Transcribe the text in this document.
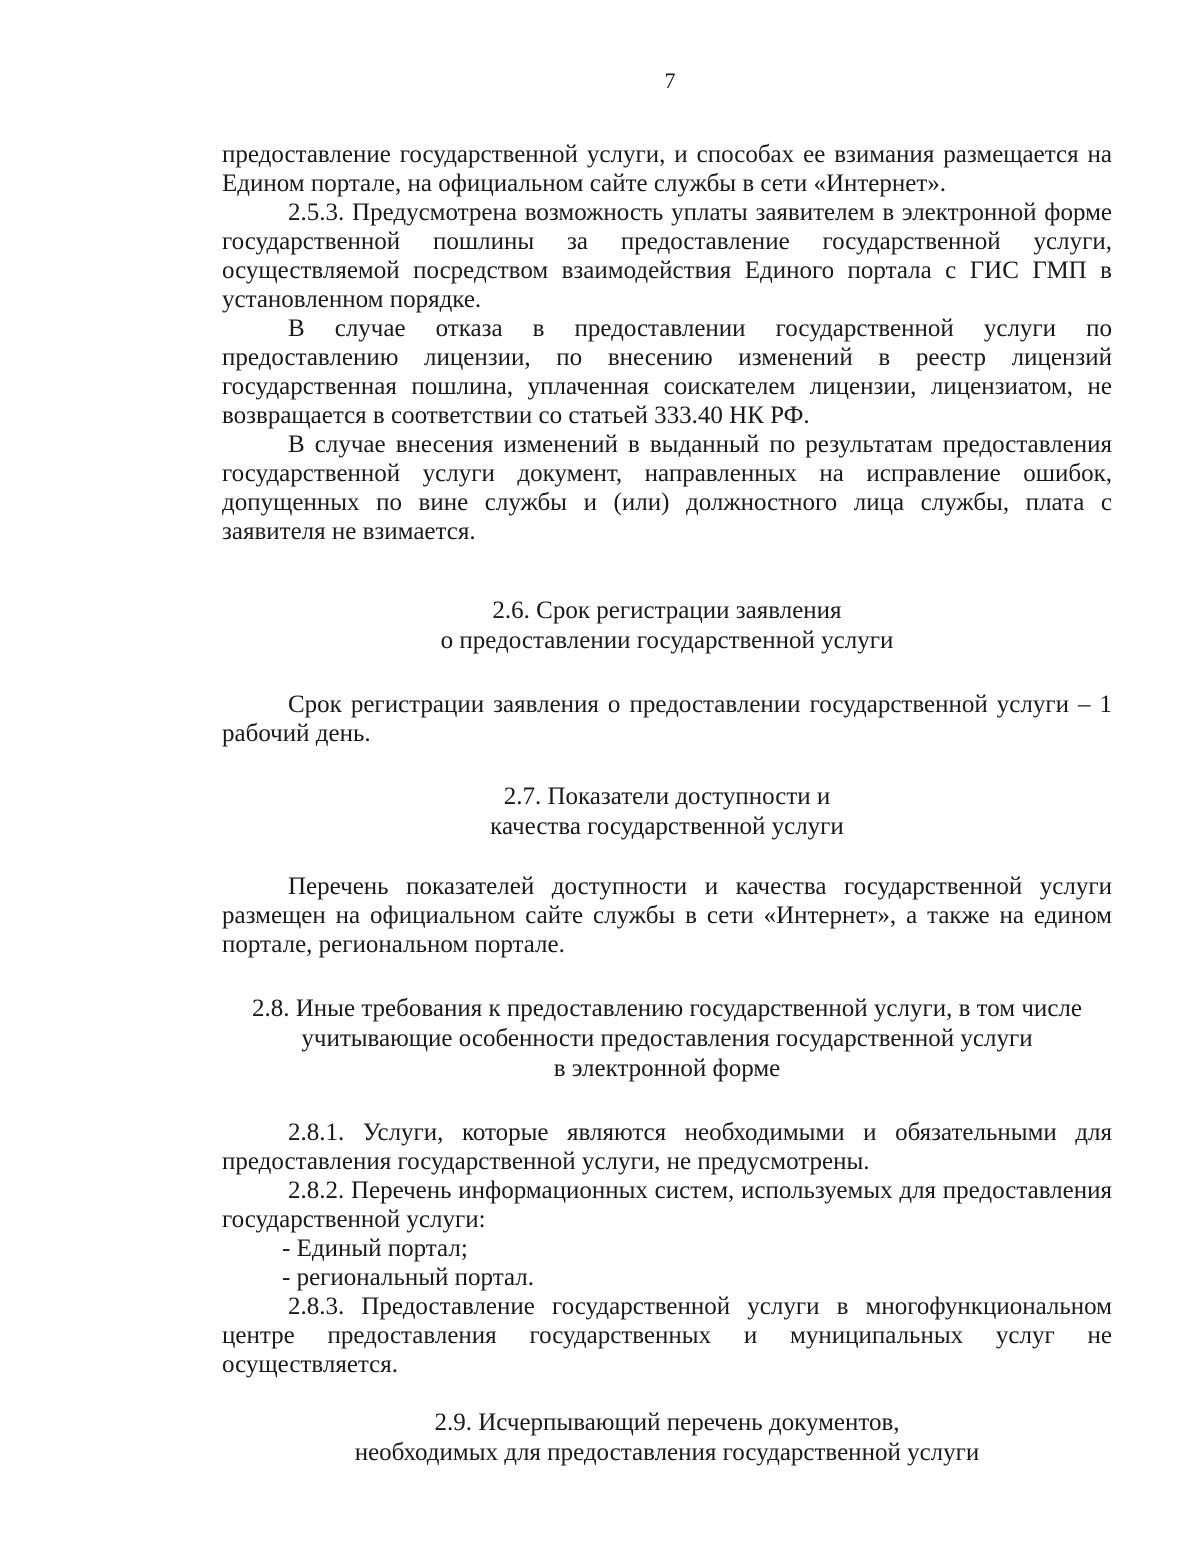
7

предоставление государственной услуги, и способах ее взимания размещается на Едином портале, на официальном сайте службы в сети «Интернет».

2.5.3. Предусмотрена возможность уплаты заявителем в электронной форме государственной пошлины за предоставление государственной услуги, осуществляемой посредством взаимодействия Единого портала с ГИС ГМП в установленном порядке.

В случае отказа в предоставлении государственной услуги по предоставлению лицензии, по внесению изменений в реестр лицензий государственная пошлина, уплаченная соискателем лицензии, лицензиатом, не возвращается в соответствии со статьей 333.40 НК РФ.

В случае внесения изменений в выданный по результатам предоставления государственной услуги документ, направленных на исправление ошибок, допущенных по вине службы и (или) должностного лица службы, плата с заявителя не взимается.

2.6. Срок регистрации заявления
о предоставлении государственной услуги

Срок регистрации заявления о предоставлении государственной услуги – 1 рабочий день.

2.7. Показатели доступности и
качества государственной услуги

Перечень показателей доступности и качества государственной услуги размещен на официальном сайте службы в сети «Интернет», а также на едином портале, региональном портале.

2.8. Иные требования к предоставлению государственной услуги, в том числе
учитывающие особенности предоставления государственной услуги
в электронной форме

2.8.1. Услуги, которые являются необходимыми и обязательными для предоставления государственной услуги, не предусмотрены.

2.8.2. Перечень информационных систем, используемых для предоставления государственной услуги:

- Единый портал;

- региональный портал.

2.8.3. Предоставление государственной услуги в многофункциональном центре предоставления государственных и муниципальных услуг не осуществляется.

2.9. Исчерпывающий перечень документов,
необходимых для предоставления государственной услуги
